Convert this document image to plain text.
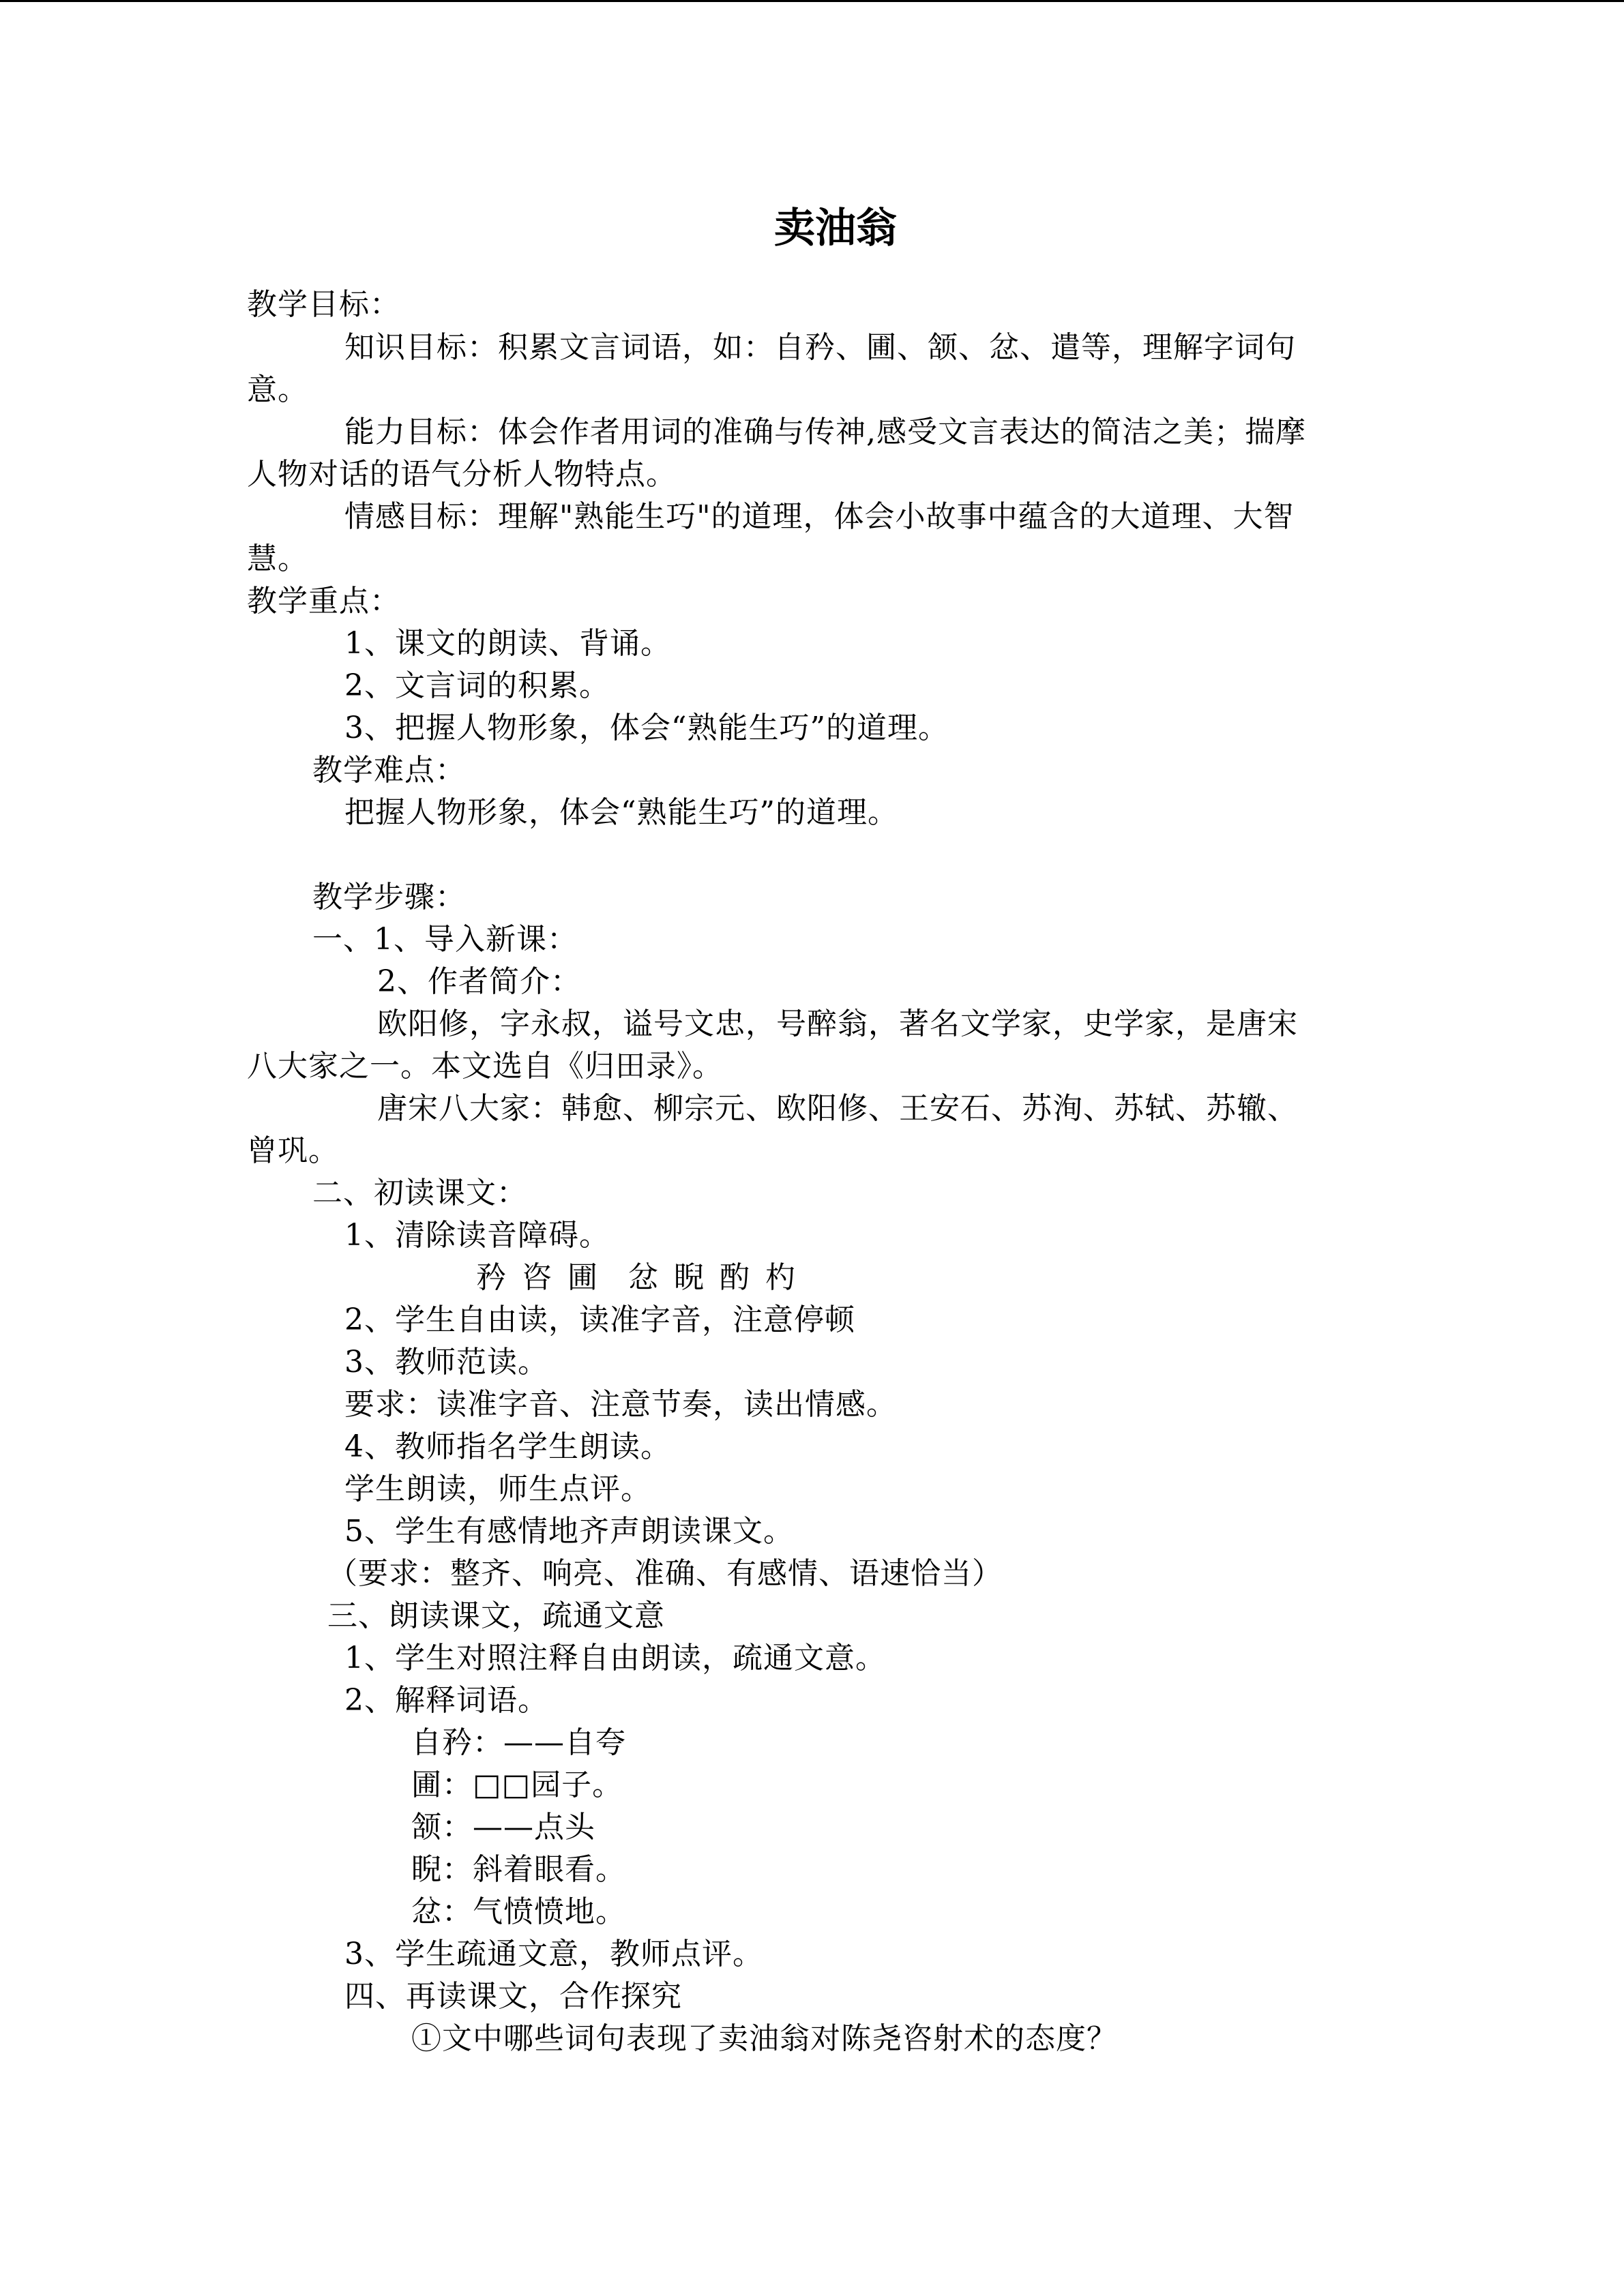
卖油翁
教学目标：
知识目标：积累文言词语，如：自矜、圃、颔、忿、遣等，理解字词句
意。
能力目标：体会作者用词的准确与传神,感受文言表达的简洁之美；揣摩
人物对话的语气分析人物特点。
情感目标：理解"熟能生巧"的道理，体会小故事中蕴含的大道理、大智
慧。
教学重点：
1、课文的朗读、背诵。
2、文言词的积累。
3、把握人物形象，体会“熟能生巧”的道理。
教学难点：
把握人物形象，体会“熟能生巧”的道理。
教学步骤：
一、1、导入新课：
2、作者简介：
欧阳修，字永叔，谥号文忠，号醉翁，著名文学家，史学家，是唐宋
八大家之一。本文选自《归田录》。
唐宋八大家：韩愈、柳宗元、欧阳修、王安石、苏洵、苏轼、苏辙、
曾巩。
二、初读课文：
1、清除读音障碍。
矜 咨 圃 忿 睨 酌 杓
2、学生自由读，读准字音，注意停顿
3、教师范读。
要求：读准字音、注意节奏，读出情感。
4、教师指名学生朗读。
学生朗读，师生点评。
5、学生有感情地齐声朗读课文。
（要求：整齐、响亮、准确、有感情、语速恰当）
三、朗读课文，疏通文意
1、学生对照注释自由朗读，疏通文意。
2、解释词语。
自矜：——自夸
圃：□□园子。
颔：——点头
睨：斜着眼看。
忿：气愤愤地。
3、学生疏通文意，教师点评。
四、再读课文，合作探究
①文中哪些词句表现了卖油翁对陈尧咨射术的态度？
